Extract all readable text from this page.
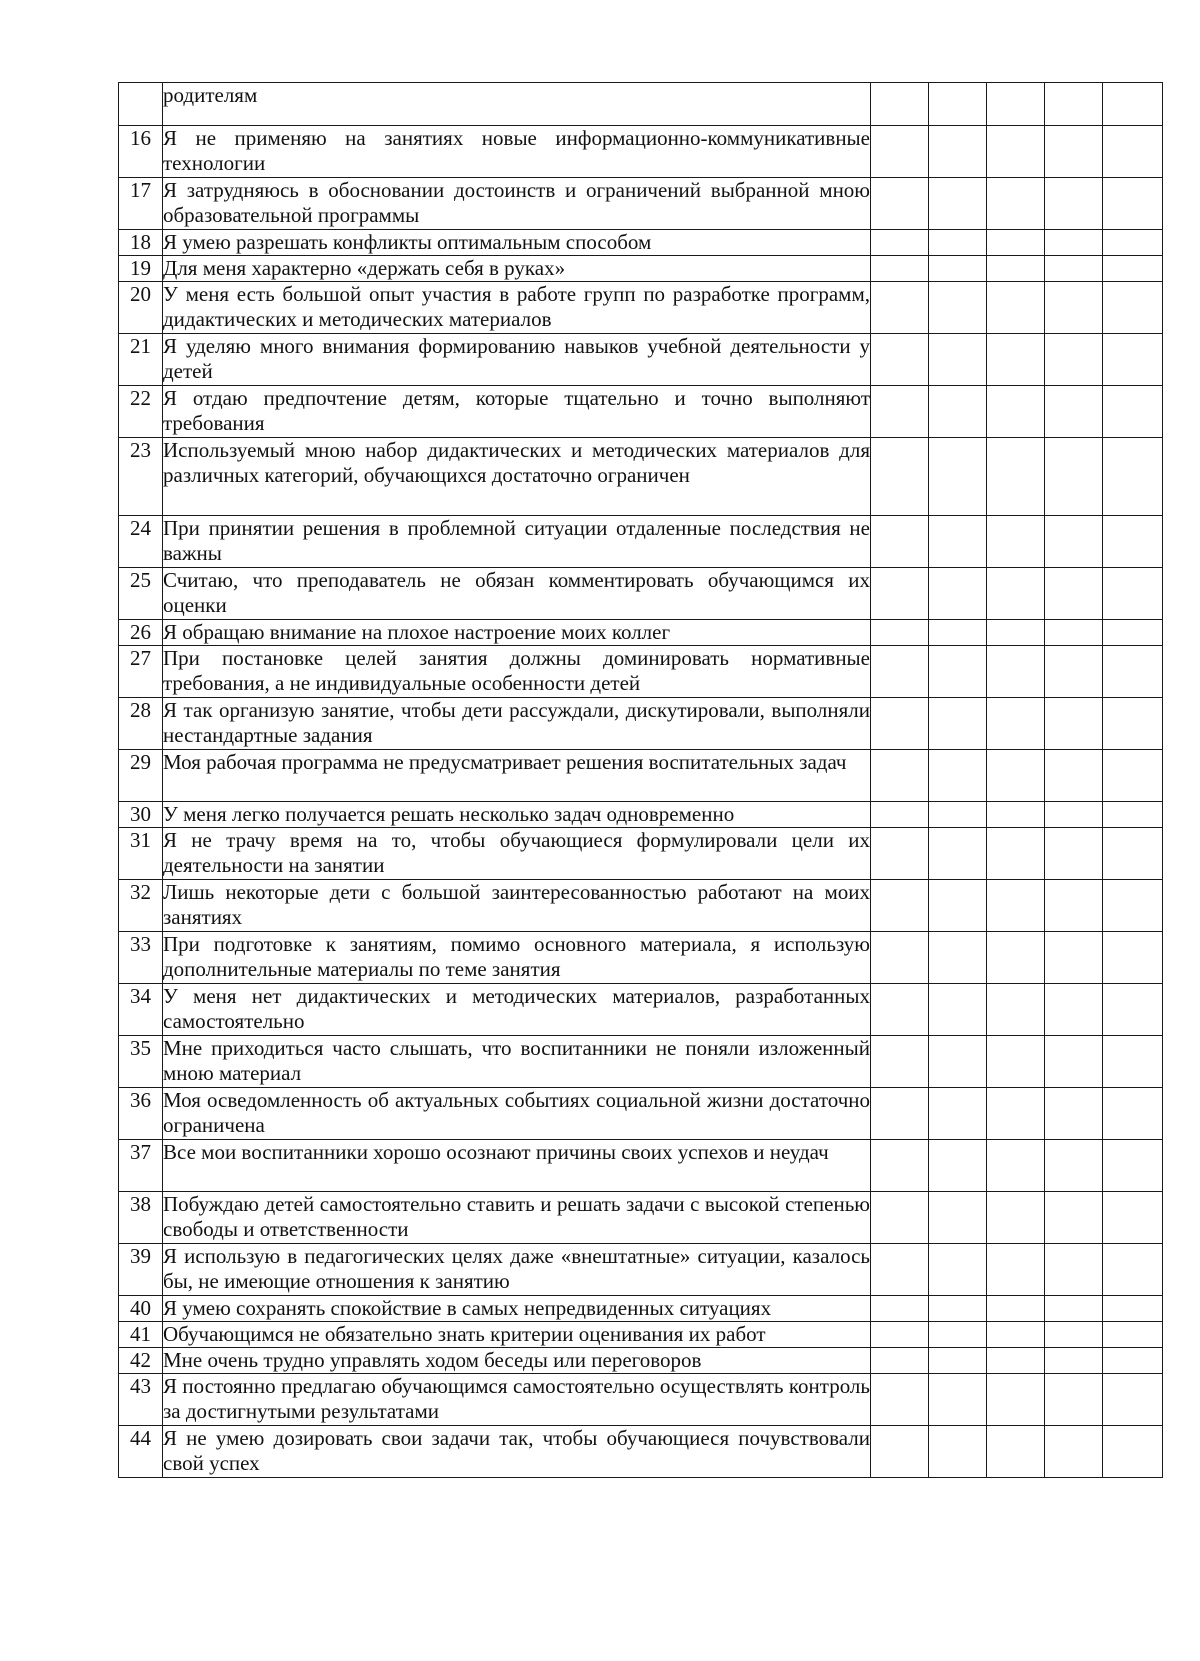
	родителям					
16	Я не применяю на занятиях новые информационно-коммуникативные технологии					
17	Я затрудняюсь в обосновании достоинств и ограничений выбранной мною образовательной программы					
18	Я умею разрешать конфликты оптимальным способом					
19	Для меня характерно «держать себя в руках»					
20	У меня есть большой опыт участия в работе групп по разработке программ, дидактических и методических материалов					
21	Я уделяю много внимания формированию навыков учебной деятельности у детей					
22	Я отдаю предпочтение детям, которые тщательно и точно выполняют требования					
23	Используемый мною набор дидактических и методических материалов для различных категорий, обучающихся достаточно ограничен					
24	При принятии решения в проблемной ситуации отдаленные последствия не важны					
25	Считаю, что преподаватель не обязан комментировать обучающимся их оценки					
26	Я обращаю внимание на плохое настроение моих коллег					
27	При постановке целей занятия должны доминировать нормативные требования, а не индивидуальные особенности детей					
28	Я так организую занятие, чтобы дети рассуждали, дискутировали, выполняли нестандартные задания					
29	Моя рабочая программа не предусматривает решения воспитательных задач					
30	У меня легко получается решать несколько задач одновременно					
31	Я не трачу время на то, чтобы обучающиеся формулировали цели их деятельности на занятии					
32	Лишь некоторые дети с большой заинтересованностью работают на моих занятиях					
33	При подготовке к занятиям, помимо основного материала, я использую дополнительные материалы по теме занятия					
34	У меня нет дидактических и методических материалов, разработанных самостоятельно					
35	Мне приходиться часто слышать, что воспитанники не поняли изложенный мною материал					
36	Моя осведомленность об актуальных событиях социальной жизни достаточно ограничена					
37	Все мои воспитанники хорошо осознают причины своих успехов и неудач					
38	Побуждаю детей самостоятельно ставить и решать задачи с высокой степенью свободы и ответственности					
39	Я использую в педагогических целях даже «внештатные» ситуации, казалось бы, не имеющие отношения к занятию					
40	Я умею сохранять спокойствие в самых непредвиденных ситуациях					
41	Обучающимся не обязательно знать критерии оценивания их работ					
42	Мне очень трудно управлять ходом беседы или переговоров					
43	Я постоянно предлагаю обучающимся самостоятельно осуществлять контроль за достигнутыми результатами					
44	Я не умею дозировать свои задачи так, чтобы обучающиеся почувствовали свой успех					
